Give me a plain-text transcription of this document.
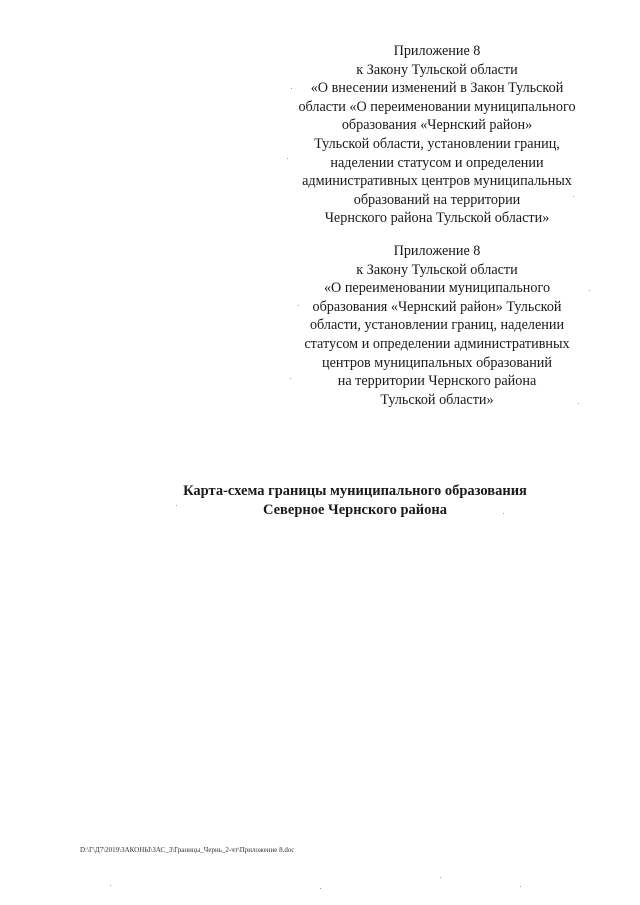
Приложение 8
к Закону Тульской области
«О внесении изменений в Закон Тульской
области «О переименовании муниципального
образования «Чернский район»
Тульской области, установлении границ,
наделении статусом и определении
административных центров муниципальных
образований на территории
Чернского района Тульской области»
Приложение 8
к Закону Тульской области
«О переименовании муниципального
образования «Чернский район» Тульской
области, установлении границ, наделении
статусом и определении административных
центров муниципальных образований
на территории Чернского района
Тульской области»
Карта-схема границы муниципального образования
Северное Чернского района
D:\Г\Д7\2019\ЗАКОНЫ\ЗАС_3\Границы_Чернь_2-чт\Приложение 8.doc
